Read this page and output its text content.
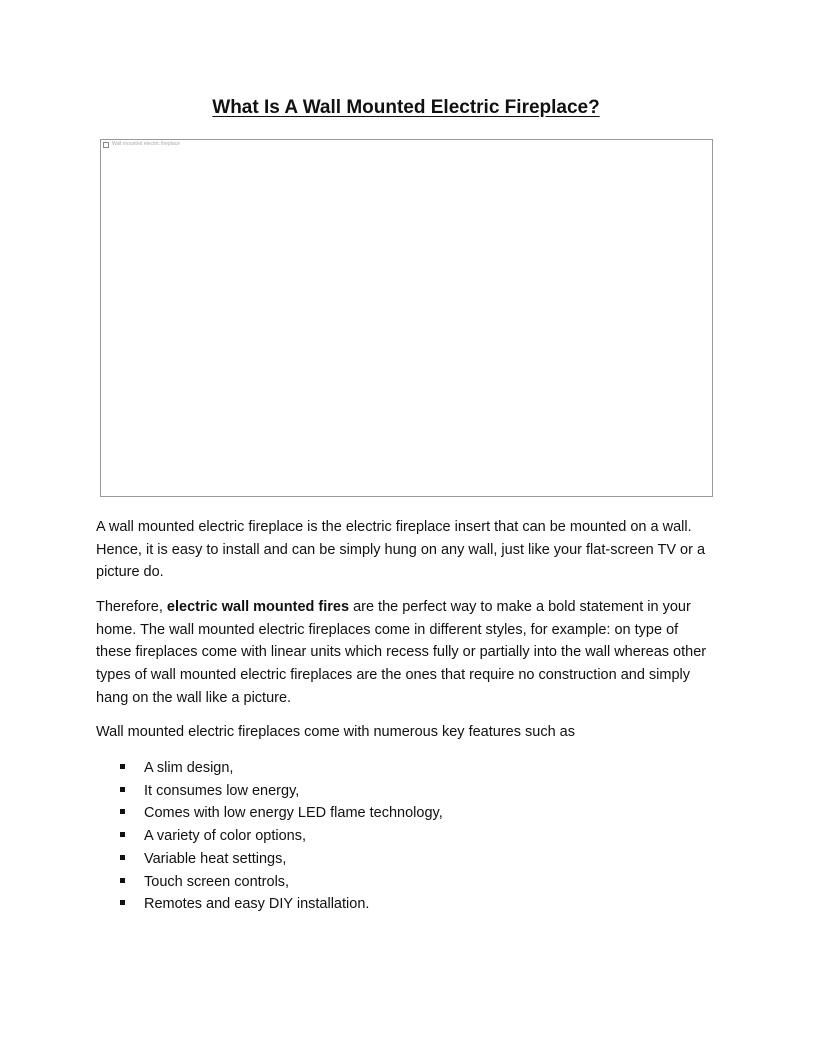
What Is A Wall Mounted Electric Fireplace?
Wall mounted electric fireplace

A wall mounted electric fireplace is the electric fireplace insert that can be mounted on a wall. Hence, it is easy to install and can be simply hung on any wall, just like your flat-screen TV or a picture do.

Therefore, electric wall mounted fires are the perfect way to make a bold statement in your home. The wall mounted electric fireplaces come in different styles, for example: on type of these fireplaces come with linear units which recess fully or partially into the wall whereas other types of wall mounted electric fireplaces are the ones that require no construction and simply hang on the wall like a picture.

Wall mounted electric fireplaces come with numerous key features such as

A slim design,
It consumes low energy,
Comes with low energy LED flame technology,
A variety of color options,
Variable heat settings,
Touch screen controls,
Remotes and easy DIY installation.
